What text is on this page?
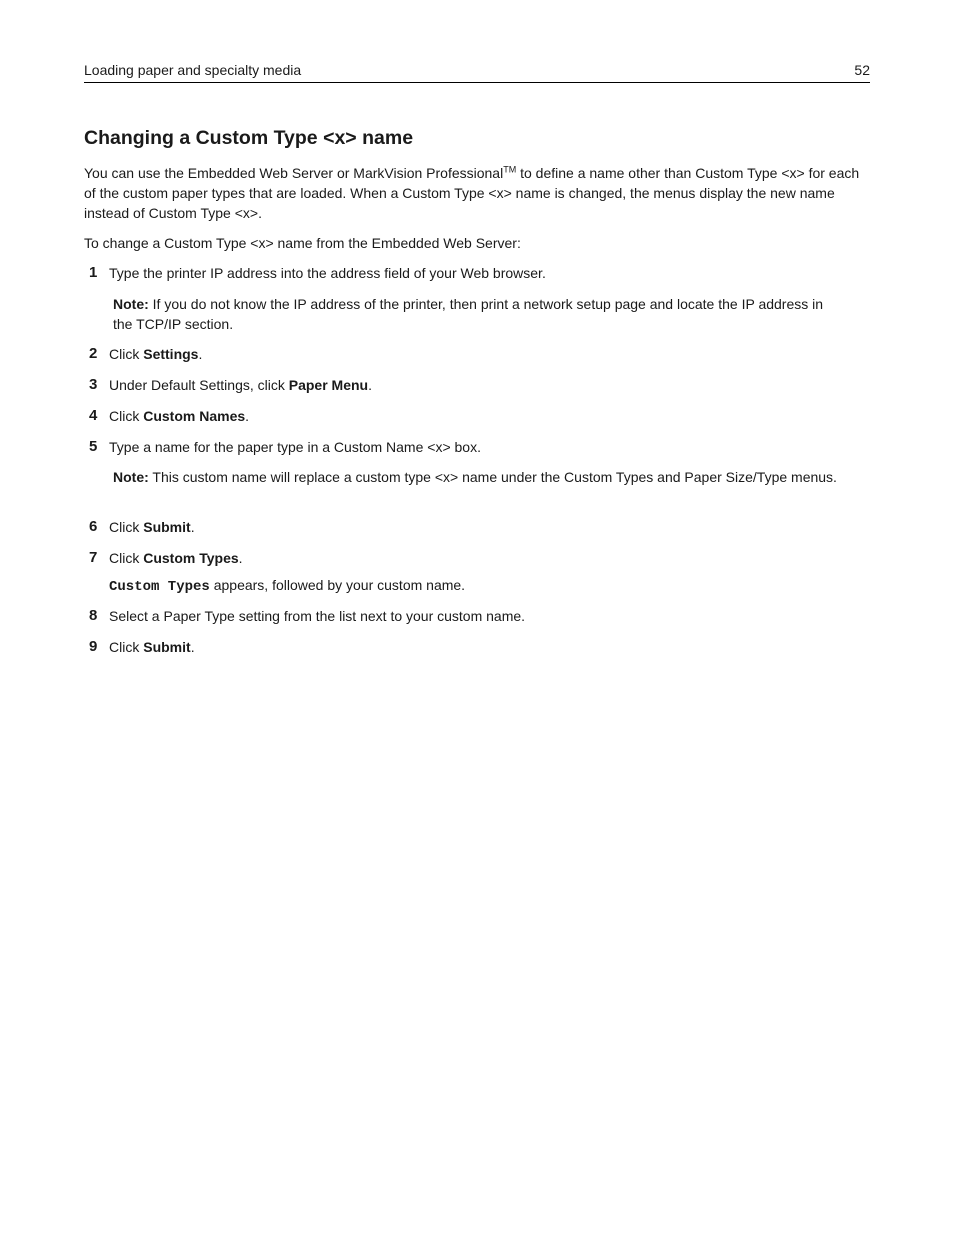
Loading paper and specialty media	52
Changing a Custom Type <x> name

You can use the Embedded Web Server or MarkVision Professional™ to define a name other than Custom Type <x> for each of the custom paper types that are loaded. When a Custom Type <x> name is changed, the menus display the new name instead of Custom Type <x>.

To change a Custom Type <x> name from the Embedded Web Server:

1 Type the printer IP address into the address field of your Web browser.
Note: If you do not know the IP address of the printer, then print a network setup page and locate the IP address in the TCP/IP section.
2 Click Settings.
3 Under Default Settings, click Paper Menu.
4 Click Custom Names.
5 Type a name for the paper type in a Custom Name <x> box.
Note: This custom name will replace a custom type <x> name under the Custom Types and Paper Size/Type menus.
6 Click Submit.
7 Click Custom Types.
Custom Types appears, followed by your custom name.
8 Select a Paper Type setting from the list next to your custom name.
9 Click Submit.
